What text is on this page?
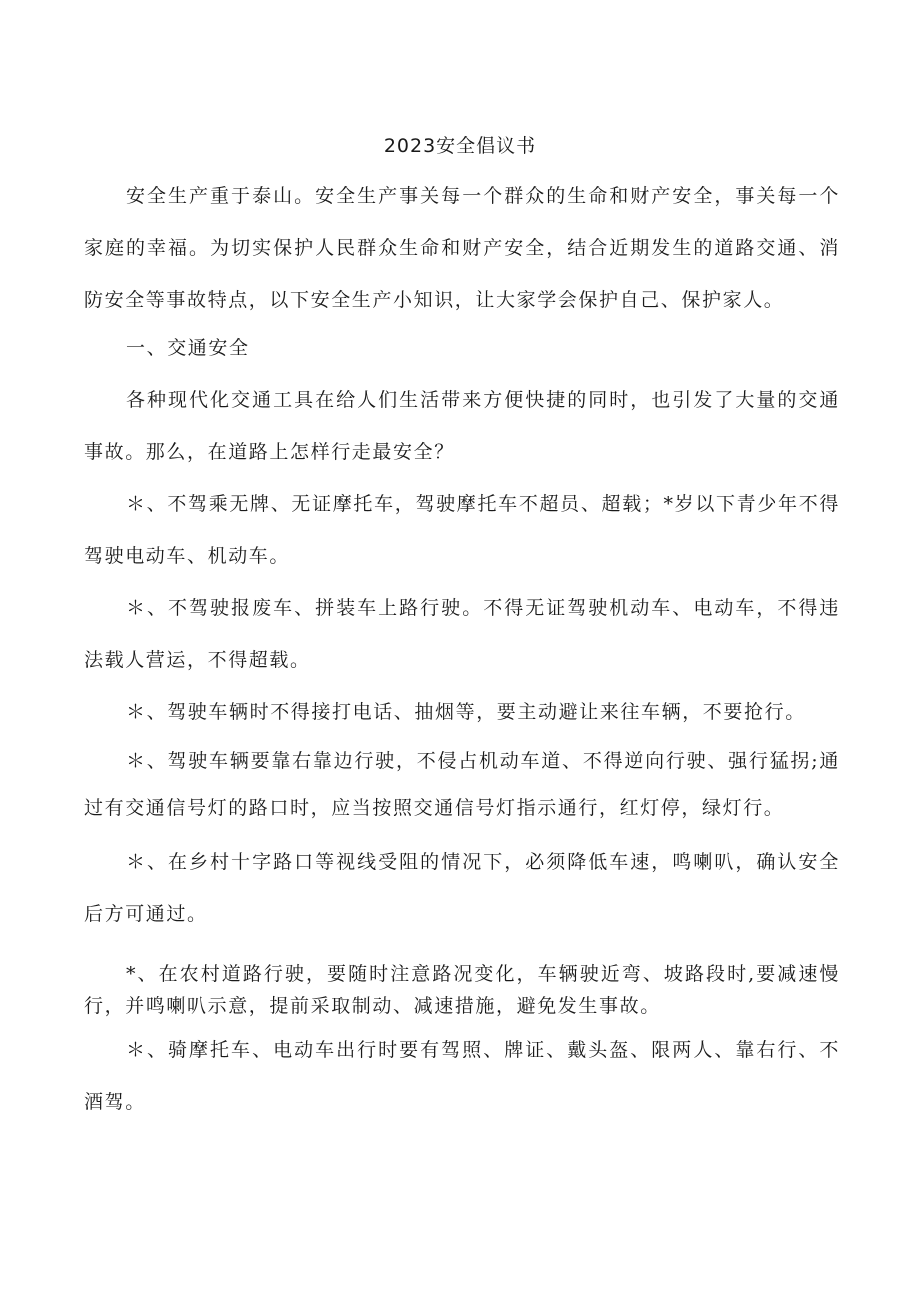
2023安全倡议书

安全生产重于泰山。安全生产事关每一个群众的生命和财产安全，事关每一个家庭的幸福。为切实保护人民群众生命和财产安全，结合近期发生的道路交通、消防安全等事故特点，以下安全生产小知识，让大家学会保护自己、保护家人。

一、交通安全

各种现代化交通工具在给人们生活带来方便快捷的同时，也引发了大量的交通事故。那么，在道路上怎样行走最安全？

＊、不驾乘无牌、无证摩托车，驾驶摩托车不超员、超载；*岁以下青少年不得驾驶电动车、机动车。

＊、不驾驶报废车、拼装车上路行驶。不得无证驾驶机动车、电动车，不得违法载人营运，不得超载。

＊、驾驶车辆时不得接打电话、抽烟等，要主动避让来往车辆，不要抢行。

＊、驾驶车辆要靠右靠边行驶，不侵占机动车道、不得逆向行驶、强行猛拐;通过有交通信号灯的路口时，应当按照交通信号灯指示通行，红灯停，绿灯行。

＊、在乡村十字路口等视线受阻的情况下，必须降低车速，鸣喇叭，确认安全后方可通过。

*、在农村道路行驶，要随时注意路况变化，车辆驶近弯、坡路段时,要减速慢行，并鸣喇叭示意，提前采取制动、减速措施，避免发生事故。

＊、骑摩托车、电动车出行时要有驾照、牌证、戴头盔、限两人、靠右行、不酒驾。
